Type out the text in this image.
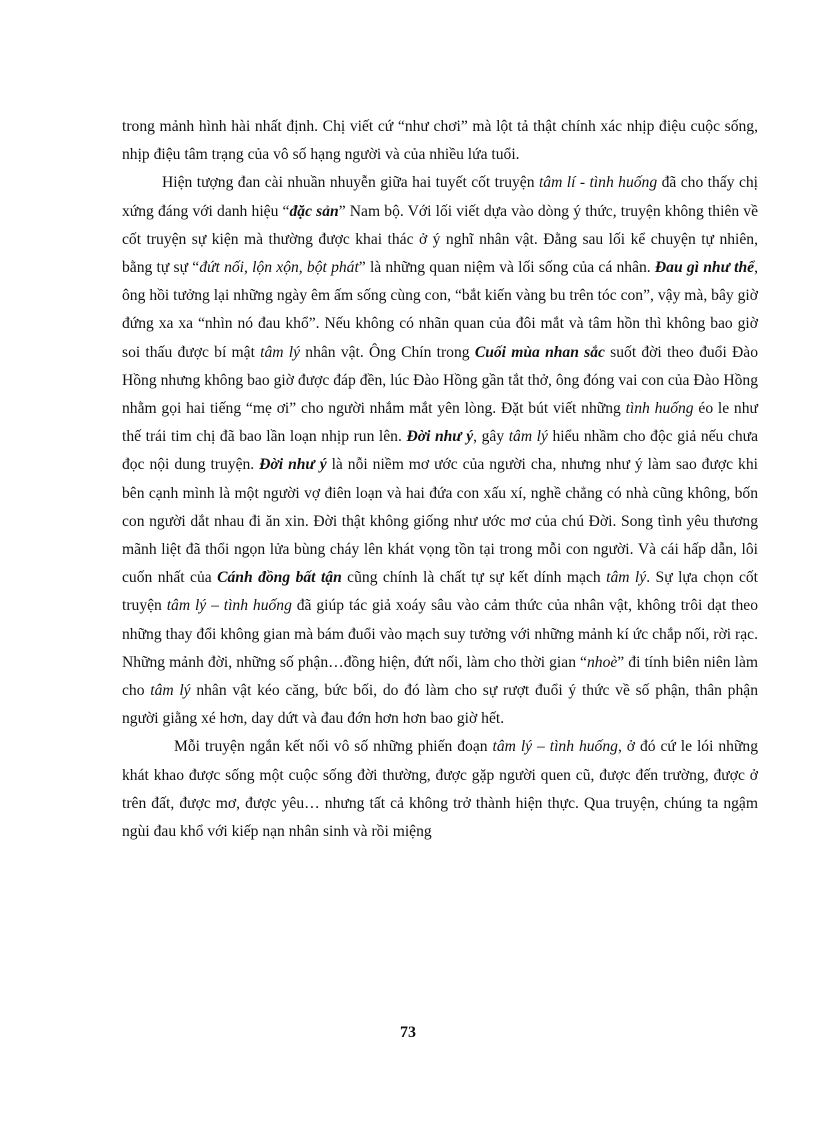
trong mảnh hình hài nhất định. Chị viết cứ “như chơi” mà lột tả thật chính xác nhịp điệu cuộc sống, nhịp điệu tâm trạng của vô số hạng người và của nhiều lứa tuổi.

Hiện tượng đan cài nhuần nhuyễn giữa hai tuyết cốt truyện tâm lí - tình huống đã cho thấy chị xứng đáng với danh hiệu “đặc sản” Nam bộ. Với lối viết dựa vào dòng ý thức, truyện không thiên về cốt truyện sự kiện mà thường được khai thác ở ý nghĩ nhân vật. Đằng sau lối kể chuyện tự nhiên, bằng tự sự “đứt nối, lộn xộn, bột phát” là những quan niệm và lối sống của cá nhân. Đau gì như thể, ông hồi tưởng lại những ngày êm ấm sống cùng con, “bắt kiến vàng bu trên tóc con”, vậy mà, bây giờ đứng xa xa “nhìn nó đau khổ”. Nếu không có nhãn quan của đôi mắt và tâm hồn thì không bao giờ soi thấu được bí mật tâm lý nhân vật. Ông Chín trong Cuối mùa nhan sắc suốt đời theo đuổi Đào Hồng nhưng không bao giờ được đáp đền, lúc Đào Hồng gần tắt thở, ông đóng vai con của Đào Hồng nhằm gọi hai tiếng “mẹ ơi” cho người nhắm mắt yên lòng. Đặt bút viết những tình huống éo le như thế trái tim chị đã bao lần loạn nhịp run lên. Đời như ý, gây tâm lý hiểu nhầm cho độc giả nếu chưa đọc nội dung truyện. Đời như ý là nỗi niềm mơ ước của người cha, nhưng như ý làm sao được khi bên cạnh mình là một người vợ điên loạn và hai đứa con xấu xí, nghề chẳng có nhà cũng không, bốn con người dắt nhau đi ăn xin. Đời thật không giống như ước mơ của chú Đời. Song tình yêu thương mãnh liệt đã thổi ngọn lửa bùng cháy lên khát vọng tồn tại trong mỗi con người. Và cái hấp dẫn, lôi cuốn nhất của Cánh đồng bất tận cũng chính là chất tự sự kết dính mạch tâm lý. Sự lựa chọn cốt truyện tâm lý – tình huống đã giúp tác giả xoáy sâu vào cảm thức của nhân vật, không trôi dạt theo những thay đổi không gian mà bám đuổi vào mạch suy tưởng với những mảnh kí ức chắp nối, rời rạc. Những mảnh đời, những số phận…đồng hiện, đứt nối, làm cho thời gian “nhoè” đi tính biên niên làm cho tâm lý nhân vật kéo căng, bức bối, do đó làm cho sự rượt đuổi ý thức về số phận, thân phận người giằng xé hơn, day dứt và đau đớn hơn hơn bao giờ hết.

Mỗi truyện ngắn kết nối vô số những phiến đoạn tâm lý – tình huống, ở đó cứ le lói những khát khao được sống một cuộc sống đời thường, được gặp người quen cũ, được đến trường, được ở trên đất, được mơ, được yêu… nhưng tất cả không trở thành hiện thực. Qua truyện, chúng ta ngậm ngùi đau khổ với kiếp nạn nhân sinh và rồi miệng

73
